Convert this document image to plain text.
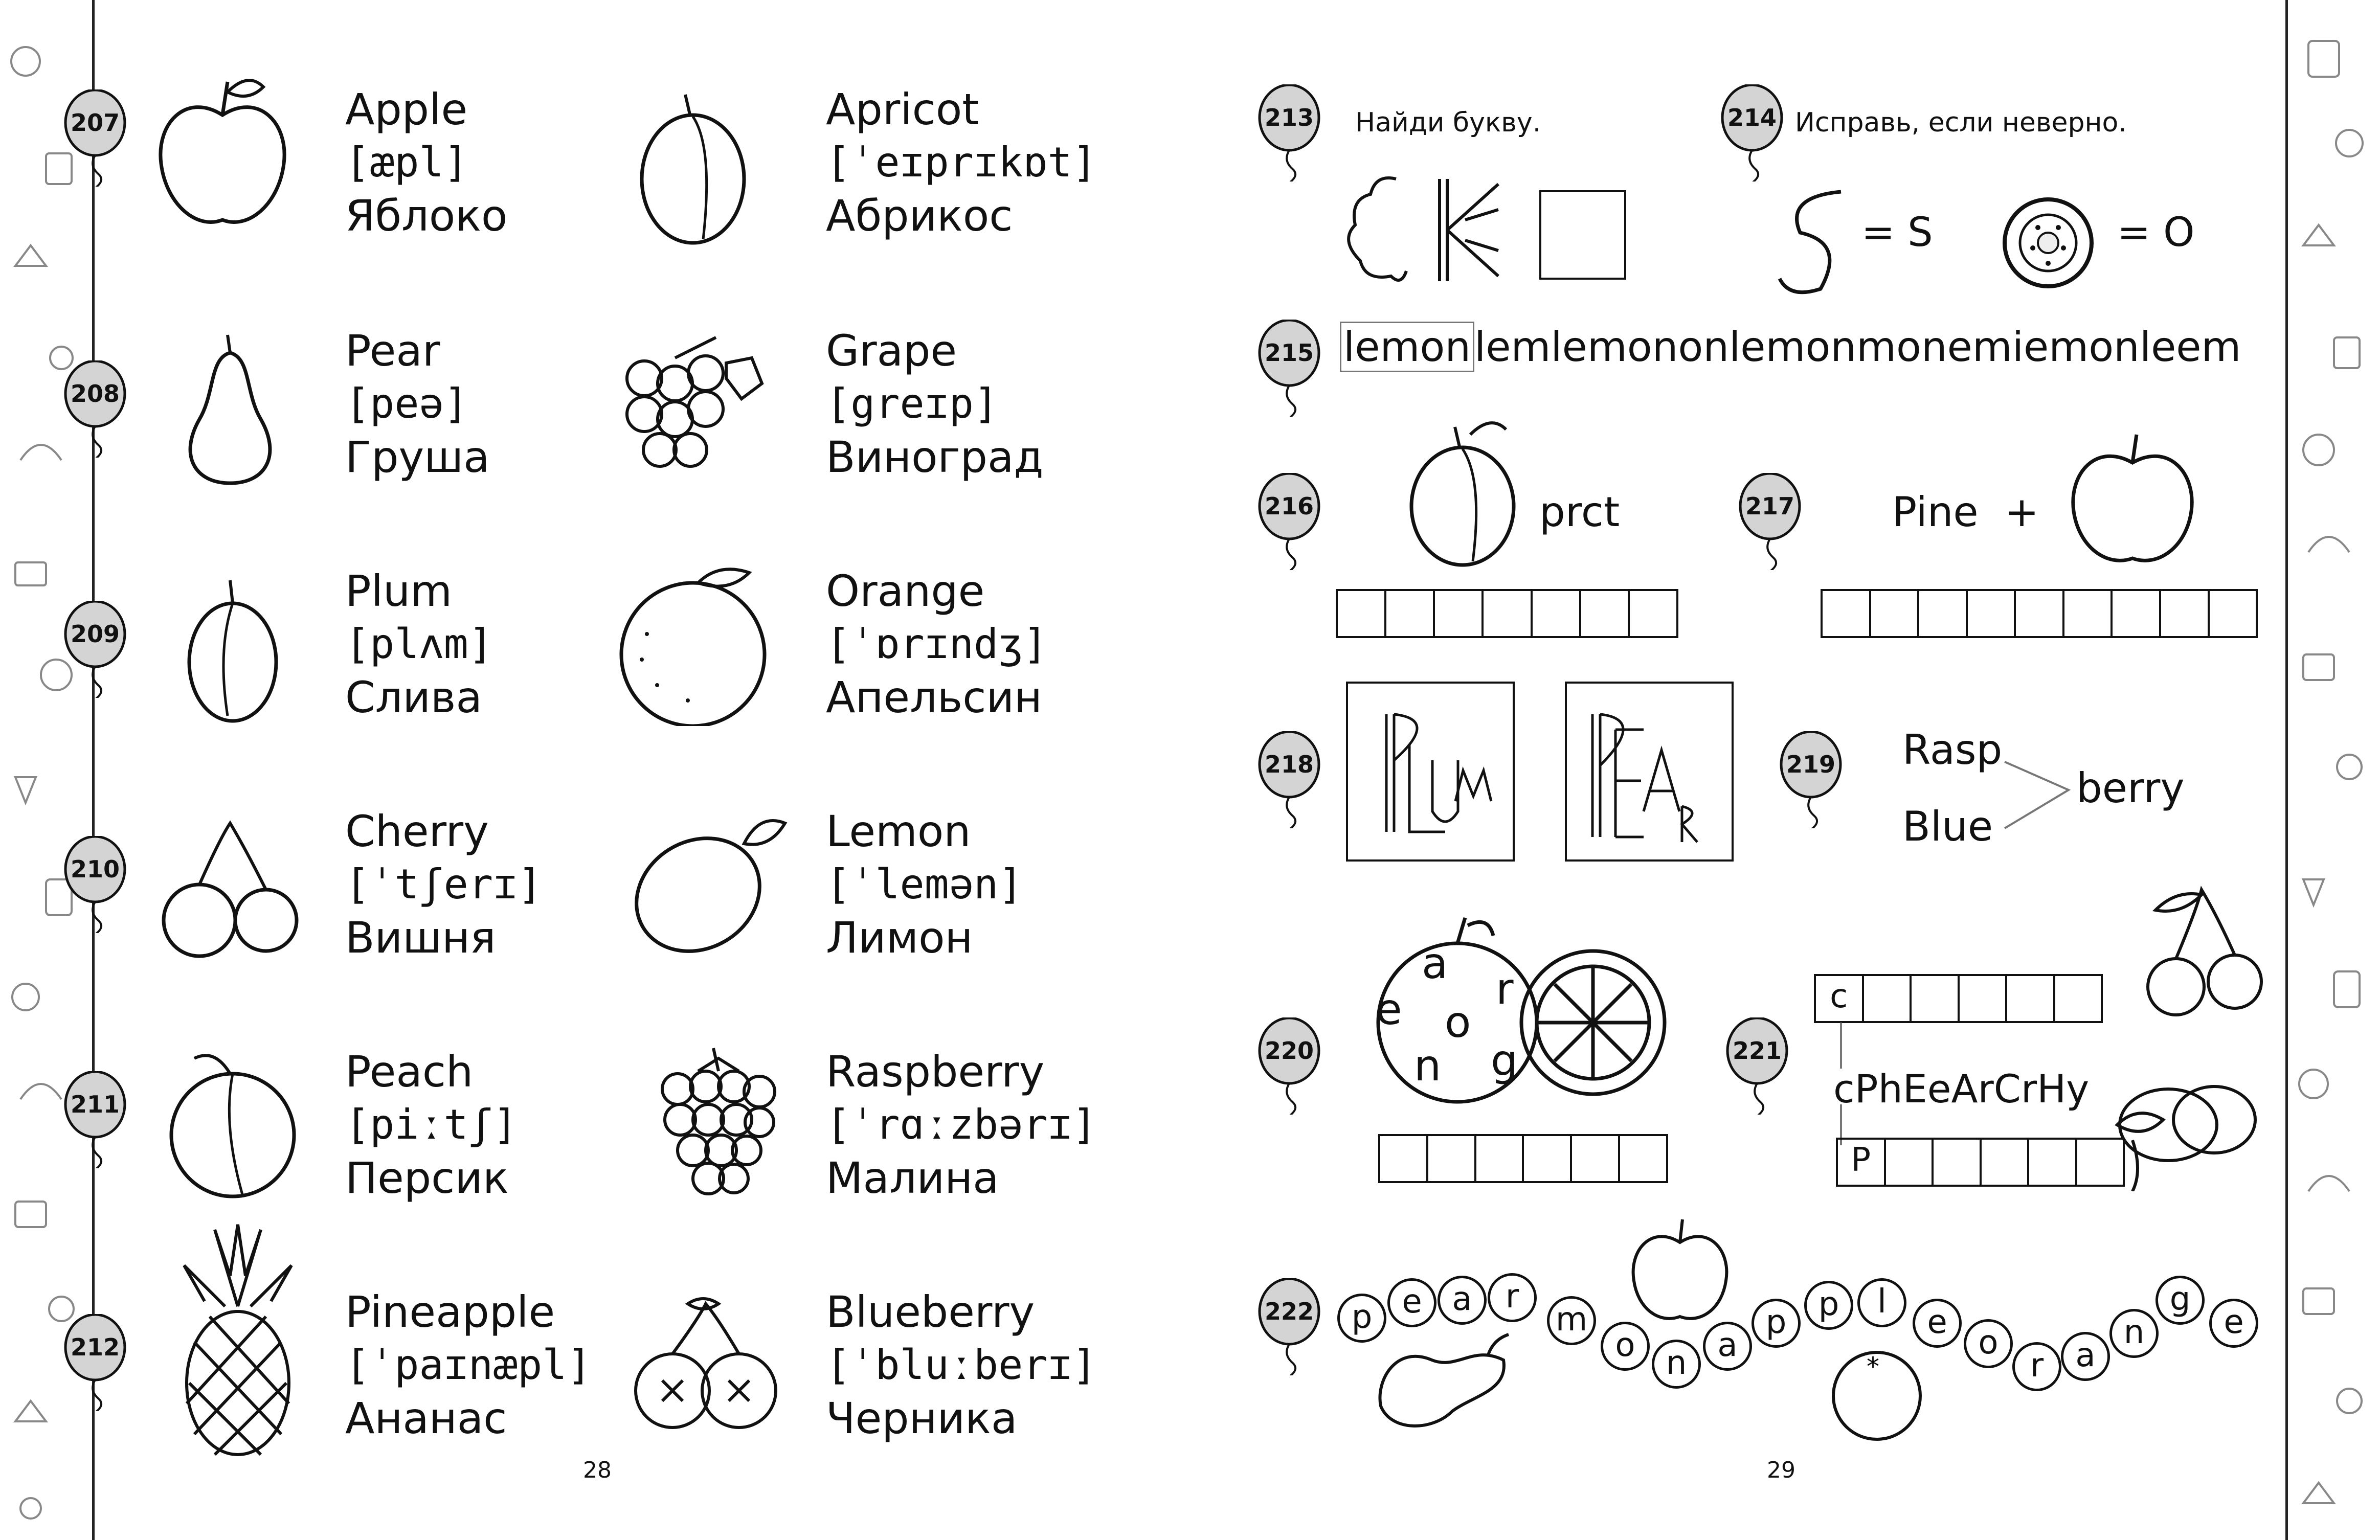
207	Apple
[æpl]
Яблоко
Apricot
[ˈeɪprɪkɒt]
Абрикос
208
Pear
[peə]
Груша
Grape
[greɪp]
Виноград
209
Plum
[plʌm]
Слива
Orange
[ˈɒrɪndʒ]
Апельсин
210
Cherry
[ˈtʃerɪ]
Вишня
Lemon
[ˈlemən]
Лимон
211
Peach
[piːtʃ]
Персик
Raspberry
[ˈrɑːzbərɪ]
Малина
212
Pineapple
[ˈpaɪnæpl]
Ананас
Blueberry
[ˈbluːberɪ]
Черника
28
213 Найди букву.	214 Исправь, если неверно.
= S	= O
215 lemonlemlemononlemonmonemiemonleem
216	prct	217 Pine +
218	219 Rasp
Blue
berry
220
a
r
e o
n g	221
c
cPhEeArCrHy
P
222
*
p e a	r
m
o n a
p p	l
e
o
r a
n
g
e
29
